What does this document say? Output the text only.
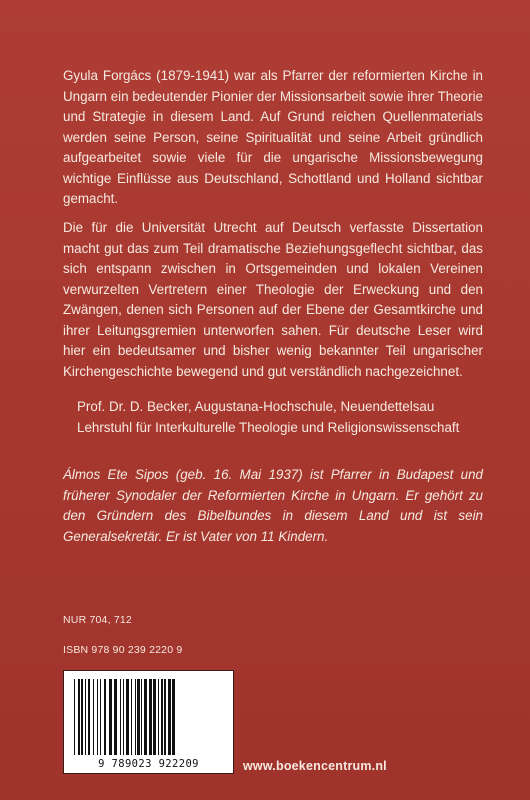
Gyula Forgács (1879-1941) war als Pfarrer der reformierten Kirche in Ungarn ein bedeutender Pionier der Missionsarbeit sowie ihrer Theorie und Strategie in diesem Land. Auf Grund reichen Quellenmaterials werden seine Person, seine Spiritualität und seine Arbeit gründlich aufgearbeitet sowie viele für die ungarische Missionsbewegung wichtige Einflüsse aus Deutschland, Schottland und Holland sichtbar gemacht.

Die für die Universität Utrecht auf Deutsch verfasste Dissertation macht gut das zum Teil dramatische Beziehungsgeflecht sichtbar, das sich entspann zwischen in Ortsgemeinden und lokalen Vereinen verwurzelten Vertretern einer Theologie der Erweckung und den Zwängen, denen sich Personen auf der Ebene der Gesamtkirche und ihrer Leitungsgremien unterworfen sahen. Für deutsche Leser wird hier ein bedeutsamer und bisher wenig bekannter Teil ungarischer Kirchengeschichte bewegend und gut verständlich nachgezeichnet.

Prof. Dr. D. Becker, Augustana-Hochschule, Neuendettelsau

Lehrstuhl für Interkulturelle Theologie und Religionswissenschaft

Álmos Ete Sipos (geb. 16. Mai 1937) ist Pfarrer in Budapest und früherer Synodaler der Reformierten Kirche in Ungarn. Er gehört zu den Gründern des Bibelbundes in diesem Land und ist sein Generalsekretär. Er ist Vater von 11 Kindern.

NUR 704, 712
ISBN 978 90 239 2220 9
9 789023 922209	www.boekencentrum.nl
